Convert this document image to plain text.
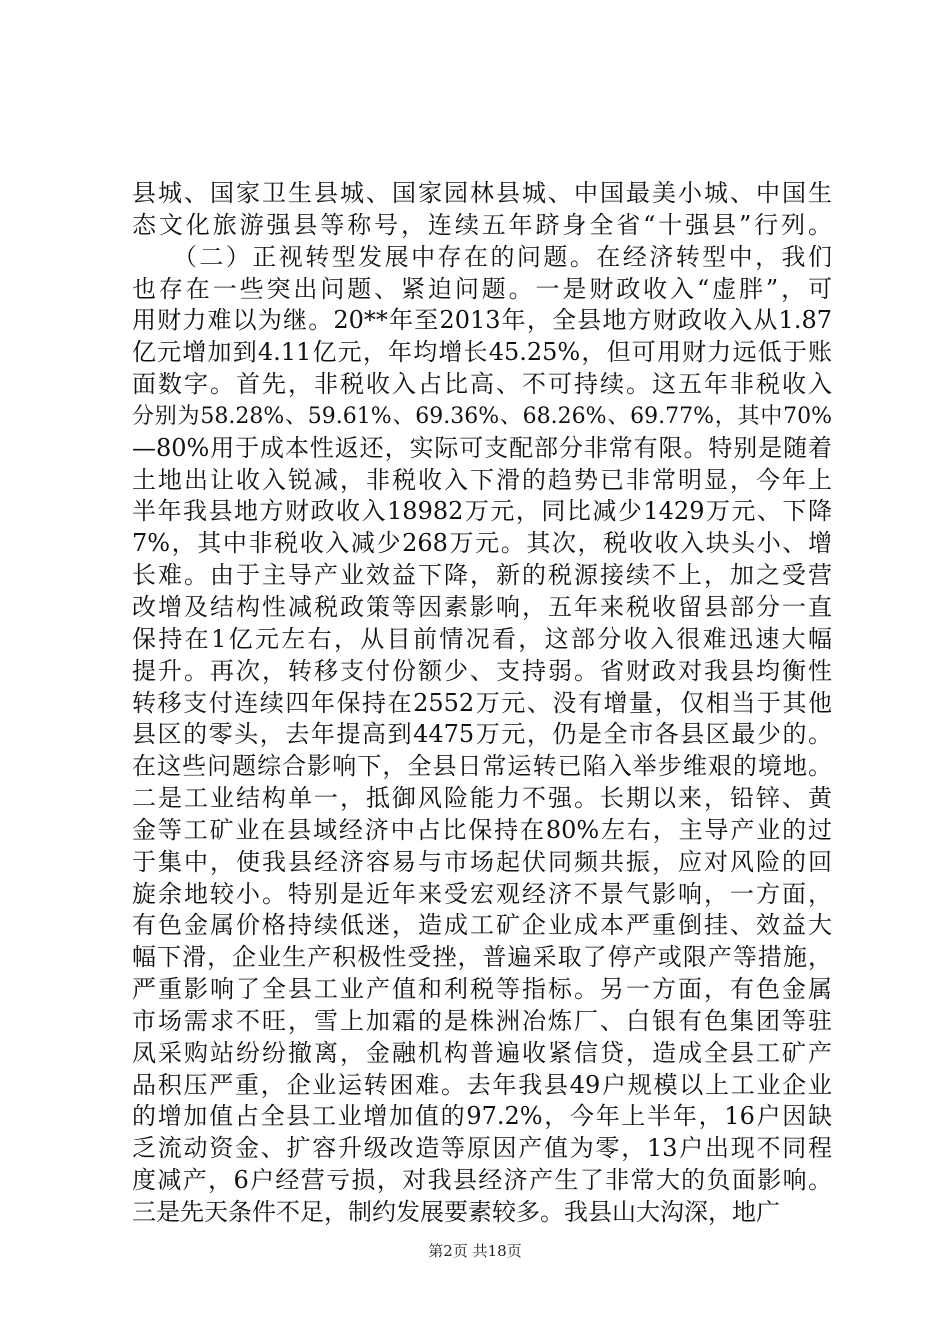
县城、国家卫生县城、国家园林县城、中国最美小城、中国生
态文化旅游强县等称号，连续五年跻身全省“十强县”行列。
　　（二）正视转型发展中存在的问题。在经济转型中，我们
也存在一些突出问题、紧迫问题。一是财政收入“虚胖”，可
用财力难以为继。20**年至2013年，全县地方财政收入从1.87
亿元增加到4.11亿元，年均增长45.25%，但可用财力远低于账
面数字。首先，非税收入占比高、不可持续。这五年非税收入
分别为58.28%、59.61%、69.36%、68.26%、69.77%，其中70%
—80%用于成本性返还，实际可支配部分非常有限。特别是随着
土地出让收入锐减，非税收入下滑的趋势已非常明显，今年上
半年我县地方财政收入18982万元，同比减少1429万元、下降
7%，其中非税收入减少268万元。其次，税收收入块头小、增
长难。由于主导产业效益下降，新的税源接续不上，加之受营
改增及结构性减税政策等因素影响，五年来税收留县部分一直
保持在1亿元左右，从目前情况看，这部分收入很难迅速大幅
提升。再次，转移支付份额少、支持弱。省财政对我县均衡性
转移支付连续四年保持在2552万元、没有增量，仅相当于其他
县区的零头，去年提高到4475万元，仍是全市各县区最少的。
在这些问题综合影响下，全县日常运转已陷入举步维艰的境地。
二是工业结构单一，抵御风险能力不强。长期以来，铅锌、黄
金等工矿业在县域经济中占比保持在80%左右，主导产业的过
于集中，使我县经济容易与市场起伏同频共振，应对风险的回
旋余地较小。特别是近年来受宏观经济不景气影响，一方面，
有色金属价格持续低迷，造成工矿企业成本严重倒挂、效益大
幅下滑，企业生产积极性受挫，普遍采取了停产或限产等措施，
严重影响了全县工业产值和利税等指标。另一方面，有色金属
市场需求不旺，雪上加霜的是株洲冶炼厂、白银有色集团等驻
凤采购站纷纷撤离，金融机构普遍收紧信贷，造成全县工矿产
品积压严重，企业运转困难。去年我县49户规模以上工业企业
的增加值占全县工业增加值的97.2%，今年上半年，16户因缺
乏流动资金、扩容升级改造等原因产值为零，13户出现不同程
度减产，6户经营亏损，对我县经济产生了非常大的负面影响。
三是先天条件不足，制约发展要素较多。我县山大沟深，地广
第2页 共18页
